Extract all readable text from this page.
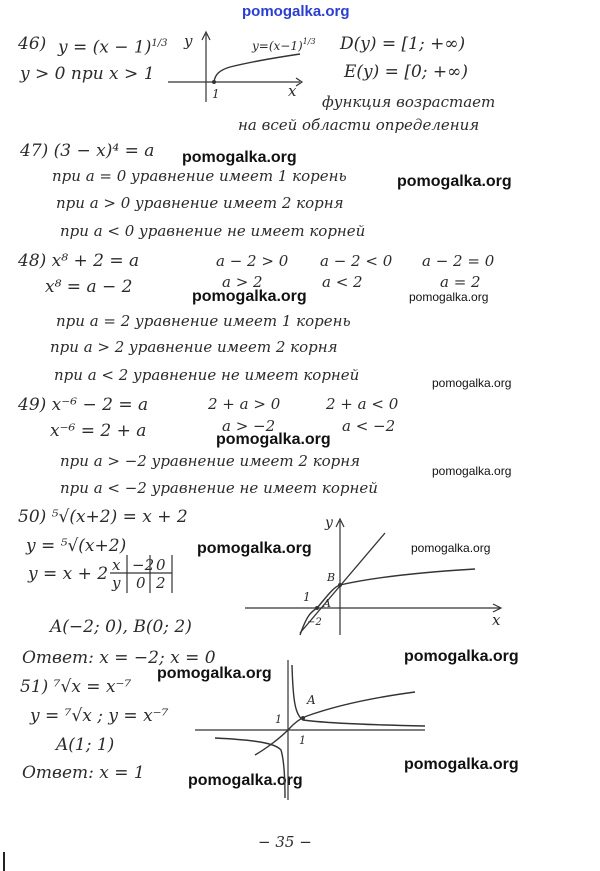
pomogalka.org
pomogalka.org
pomogalka.org
pomogalka.org	pomogalka.org
pomogalka.org
pomogalka.org
pomogalka.org
pomogalka.org	pomogalka.org
pomogalka.org
pomogalka.org
pomogalka.org
pomogalka.org
46) $y = (x - 1)^{1/3}$
y > 0 при x > 1
D(y) = [1; +∞)
E(y) = [0; +∞)
функция возрастает
на всей области определения
y
x
1
$y=(x-1)^{1/3}$
47) (3 − x)⁴ = a
при a = 0 уравнение имеет 1 корень
при a > 0 уравнение имеет 2 корня
при a < 0 уравнение не имеет корней
48) x⁸ + 2 = a
x⁸ = a − 2
a − 2 > 0
a > 2
a − 2 < 0
a < 2
a − 2 = 0
a = 2
при a = 2 уравнение имеет 1 корень
при a > 2 уравнение имеет 2 корня
при a < 2 уравнение не имеет корней
49) x⁻⁶ − 2 = a
x⁻⁶ = 2 + a
2 + a > 0
a > −2
2 + a < 0
a < −2
при a > −2 уравнение имеет 2 корня
при a < −2 уравнение не имеет корней
50) ⁵√(x+2) = x + 2
y = ⁵√(x+2)
y = x + 2 x −2 0
y 0 2
A(−2; 0), B(0; 2)
Ответ: x = −2; x = 0
y
x
B
A
−2
1
51) ⁷√x = x⁻⁷
y = ⁷√x ; y = x⁻⁷
A(1; 1)
Ответ: x = 1
A
1
1
− 35 −
